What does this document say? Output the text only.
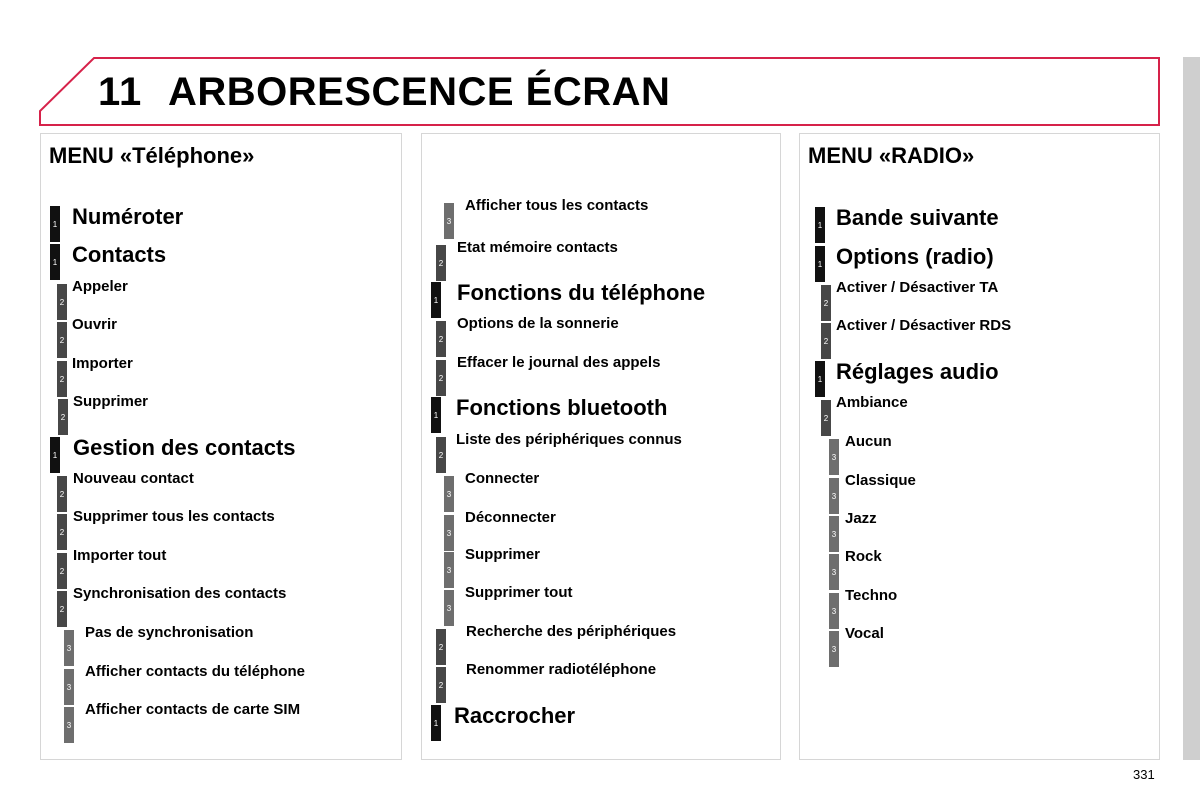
11 ARBORESCENCE ÉCRAN
MENU «Téléphone»	MENU «RADIO»
1 Numéroter
1 Contacts
2
Appeler
2
Ouvrir
2
Importer
2
Supprimer
1 Gestion des contacts
2
Nouveau contact
2
Supprimer tous les contacts
2
Importer tout
2
Synchronisation des contacts
3
Pas de synchronisation
3
Afficher contacts du téléphone
3
Afficher contacts de carte SIM
3
Afficher tous les contacts
2
Etat mémoire contacts
1 Fonctions du téléphone
2
Options de la sonnerie
2
Effacer le journal des appels
1 Fonctions bluetooth
2
Liste des périphériques connus
3
Connecter
3
Déconnecter
3
Supprimer
3
Supprimer tout
2
Recherche des périphériques
2
Renommer radiotéléphone
1 Raccrocher
1 Bande suivante
1 Options (radio)
2
Activer / Désactiver TA
2
Activer / Désactiver RDS
1 Réglages audio
2
Ambiance
3
Aucun
3
Classique
3
Jazz
3
Rock
3
Techno
3
Vocal
331
